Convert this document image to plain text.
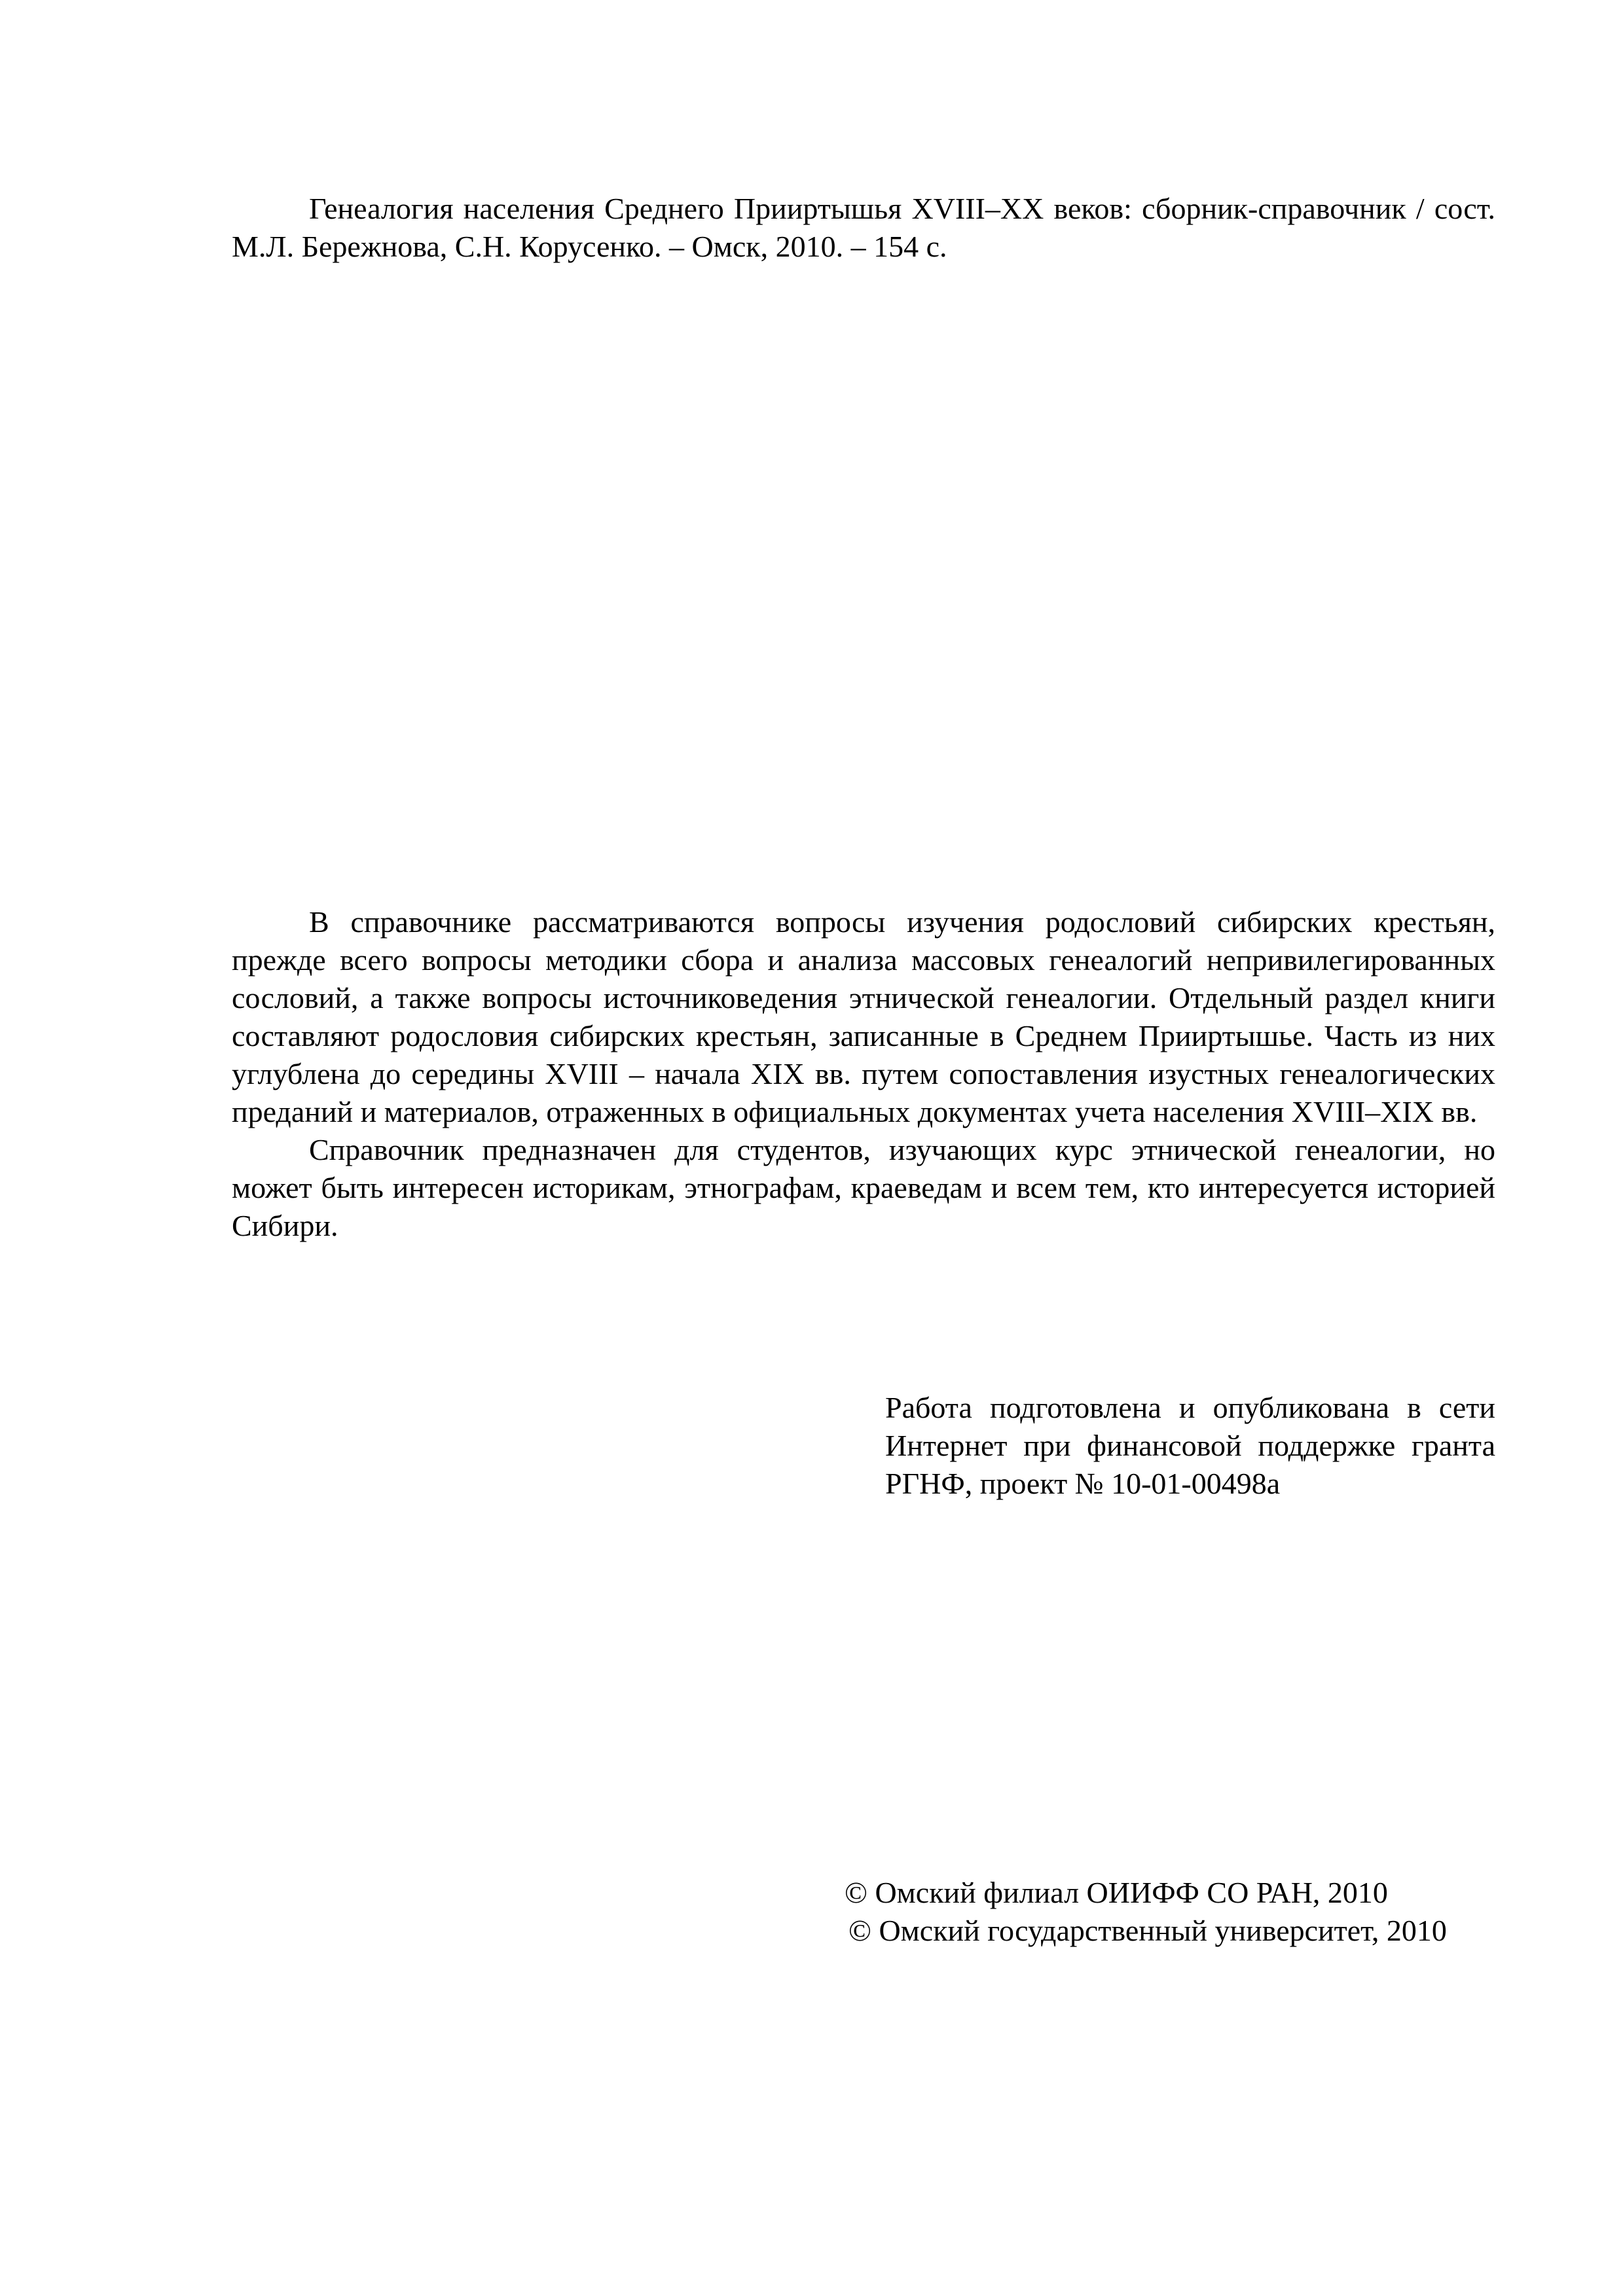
Генеалогия населения Среднего Прииртышья XVIII–XX веков: сборник-справочник / сост. М.Л. Бережнова, С.Н. Корусенко. – Омск, 2010. – 154 с.

В справочнике рассматриваются вопросы изучения родословий сибирских крестьян, прежде всего вопросы методики сбора и анализа массовых генеалогий непривилегированных сословий, а также вопросы источниковедения этнической генеалогии. Отдельный раздел книги составляют родословия сибирских крестьян, записанные в Среднем Прииртышье. Часть из них углублена до середины XVIII – начала XIX вв. путем сопоставления изустных генеалогических преданий и материалов, отраженных в официальных документах учета населения XVIII–XIX вв.

Справочник предназначен для студентов, изучающих курс этнической генеалогии, но может быть интересен историкам, этнографам, краеведам и всем тем, кто интересуется историей Сибири.

Работа подготовлена и опубликована в сети Интернет при финансовой поддержке гранта РГНФ, проект № 10-01-00498а

© Омский филиал ОИИФФ СО РАН, 2010
© Омский государственный университет, 2010
